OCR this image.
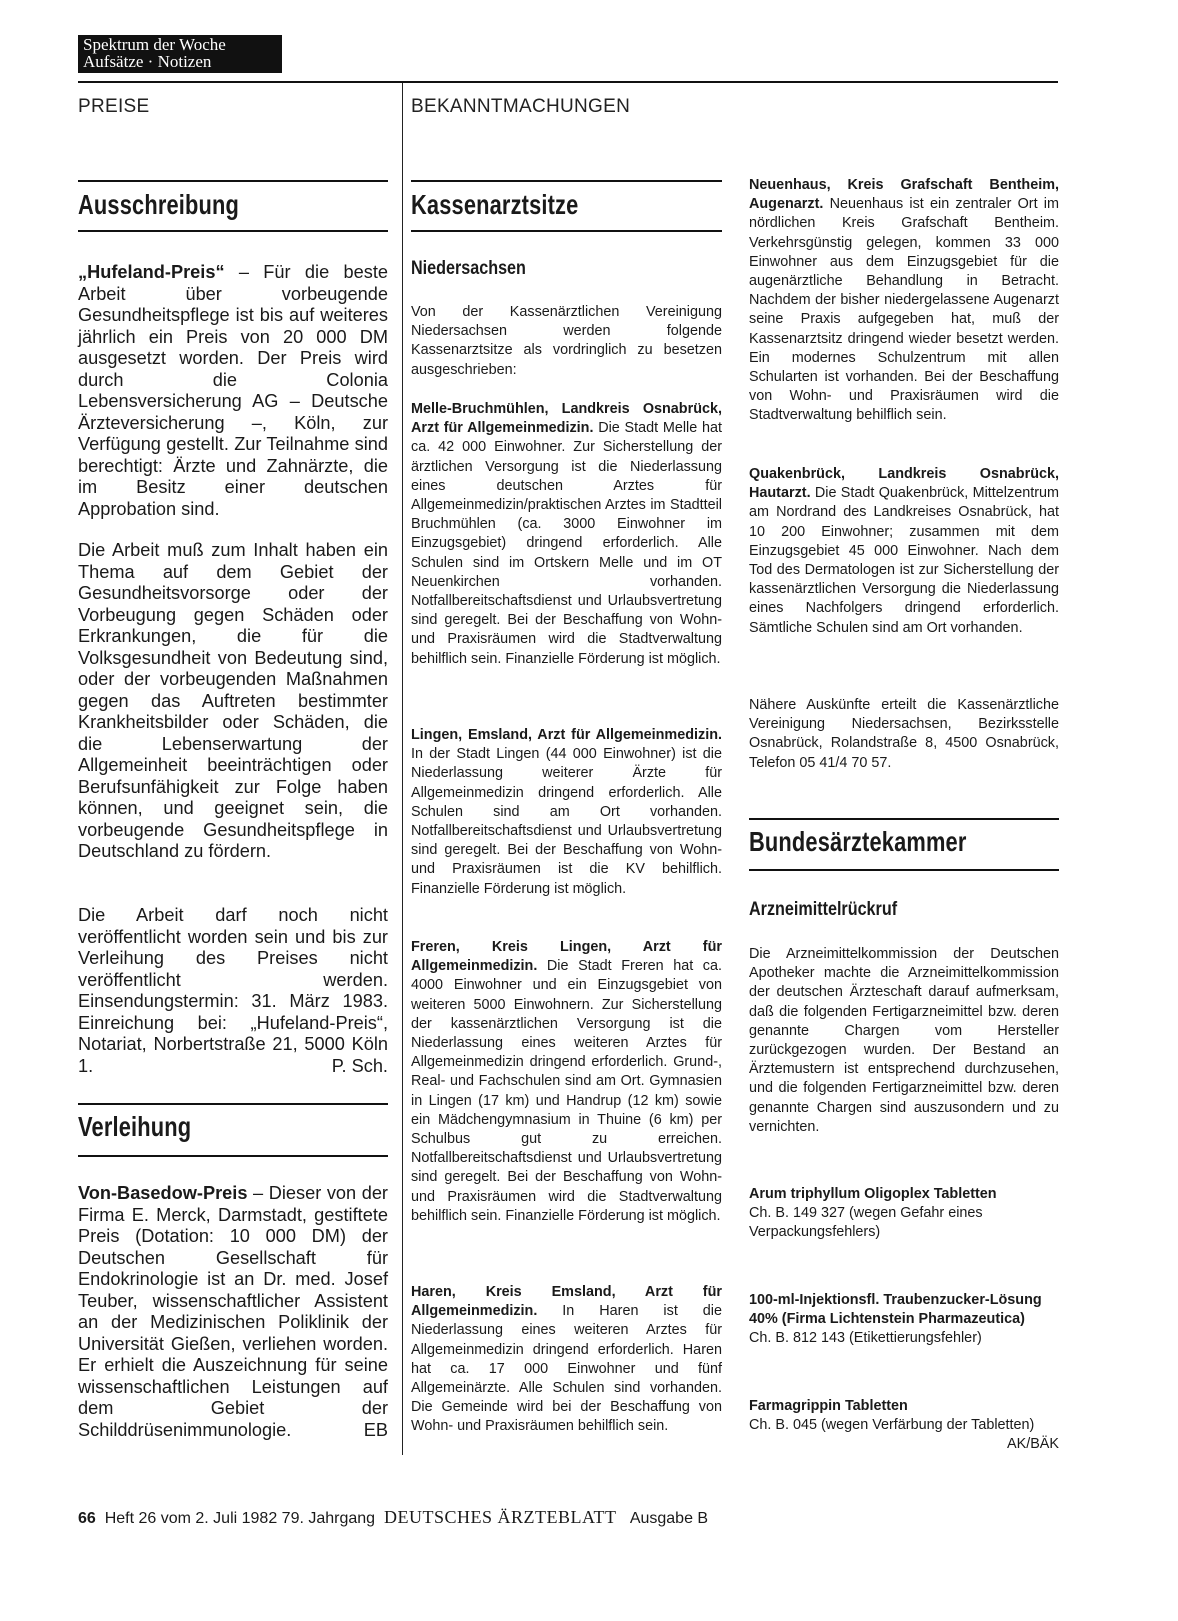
Spektrum der Woche
Aufsätze · Notizen
PREISE	BEKANNTMACHUNGEN
Ausschreibung

„Hufeland-Preis“ – Für die beste Arbeit über vorbeugende Gesundheitspflege ist bis auf weiteres jährlich ein Preis von 20 000 DM ausgesetzt worden. Der Preis wird durch die Colonia Lebensversicherung AG – Deutsche Ärzteversicherung –, Köln, zur Verfügung gestellt. Zur Teilnahme sind berechtigt: Ärzte und Zahnärzte, die im Besitz einer deutschen Approbation sind.

Die Arbeit muß zum Inhalt haben ein Thema auf dem Gebiet der Gesundheitsvorsorge oder der Vorbeugung gegen Schäden oder Erkrankungen, die für die Volksgesundheit von Bedeutung sind, oder der vorbeugenden Maßnahmen gegen das Auftreten bestimmter Krankheitsbilder oder Schäden, die die Lebenserwartung der Allgemeinheit beeinträchtigen oder Berufsunfähigkeit zur Folge haben können, und geeignet sein, die vorbeugende Gesundheitspflege in Deutschland zu fördern.

Die Arbeit darf noch nicht veröffentlicht worden sein und bis zur Verleihung des Preises nicht veröffentlicht werden. Einsendungstermin: 31. März 1983. Einreichung bei: „Hufeland-Preis“, Notariat, Norbertstraße 21, 5000 Köln 1.	P. Sch.

Verleihung

Von-Basedow-Preis – Dieser von der Firma E. Merck, Darmstadt, gestiftete Preis (Dotation: 10 000 DM) der Deutschen Gesellschaft für Endokrinologie ist an Dr. med. Josef Teuber, wissenschaftlicher Assistent an der Medizinischen Poliklinik der Universität Gießen, verliehen worden. Er erhielt die Auszeichnung für seine wissenschaftlichen Leistungen auf dem Gebiet der Schilddrüsenimmunologie.	EB

Kassenarztsitze
Niedersachsen

Von der Kassenärztlichen Vereinigung Niedersachsen werden folgende Kassenarztsitze als vordringlich zu besetzen ausgeschrieben:

Melle-Bruchmühlen, Landkreis Osnabrück, Arzt für Allgemeinmedizin. Die Stadt Melle hat ca. 42 000 Einwohner. Zur Sicherstellung der ärztlichen Versorgung ist die Niederlassung eines deutschen Arztes für Allgemeinmedizin/praktischen Arztes im Stadtteil Bruchmühlen (ca. 3000 Einwohner im Einzugsgebiet) dringend erforderlich. Alle Schulen sind im Ortskern Melle und im OT Neuenkirchen vorhanden. Notfallbereitschaftsdienst und Urlaubsvertretung sind geregelt. Bei der Beschaffung von Wohn- und Praxisräumen wird die Stadtverwaltung behilflich sein. Finanzielle Förderung ist möglich.

Lingen, Emsland, Arzt für Allgemeinmedizin. In der Stadt Lingen (44 000 Einwohner) ist die Niederlassung weiterer Ärzte für Allgemeinmedizin dringend erforderlich. Alle Schulen sind am Ort vorhanden. Notfallbereitschaftsdienst und Urlaubsvertretung sind geregelt. Bei der Beschaffung von Wohn- und Praxisräumen ist die KV behilflich. Finanzielle Förderung ist möglich.

Freren, Kreis Lingen, Arzt für Allgemeinmedizin. Die Stadt Freren hat ca. 4000 Einwohner und ein Einzugsgebiet von weiteren 5000 Einwohnern. Zur Sicherstellung der kassenärztlichen Versorgung ist die Niederlassung eines weiteren Arztes für Allgemeinmedizin dringend erforderlich. Grund-, Real- und Fachschulen sind am Ort. Gymnasien in Lingen (17 km) und Handrup (12 km) sowie ein Mädchengymnasium in Thuine (6 km) per Schulbus gut zu erreichen. Notfallbereitschaftsdienst und Urlaubsvertretung sind geregelt. Bei der Beschaffung von Wohn- und Praxisräumen wird die Stadtverwaltung behilflich sein. Finanzielle Förderung ist möglich.

Haren, Kreis Emsland, Arzt für Allgemeinmedizin. In Haren ist die Niederlassung eines weiteren Arztes für Allgemeinmedizin dringend erforderlich. Haren hat ca. 17 000 Einwohner und fünf Allgemeinärzte. Alle Schulen sind vorhanden. Die Gemeinde wird bei der Beschaffung von Wohn- und Praxisräumen behilflich sein.

Neuenhaus, Kreis Grafschaft Bentheim, Augenarzt. Neuenhaus ist ein zentraler Ort im nördlichen Kreis Grafschaft Bentheim. Verkehrsgünstig gelegen, kommen 33 000 Einwohner aus dem Einzugsgebiet für die augenärztliche Behandlung in Betracht. Nachdem der bisher niedergelassene Augenarzt seine Praxis aufgegeben hat, muß der Kassenarztsitz dringend wieder besetzt werden. Ein modernes Schulzentrum mit allen Schularten ist vorhanden. Bei der Beschaffung von Wohn- und Praxisräumen wird die Stadtverwaltung behilflich sein.

Quakenbrück, Landkreis Osnabrück, Hautarzt. Die Stadt Quakenbrück, Mittelzentrum am Nordrand des Landkreises Osnabrück, hat 10 200 Einwohner; zusammen mit dem Einzugsgebiet 45 000 Einwohner. Nach dem Tod des Dermatologen ist zur Sicherstellung der kassenärztlichen Versorgung die Niederlassung eines Nachfolgers dringend erforderlich. Sämtliche Schulen sind am Ort vorhanden.

Nähere Auskünfte erteilt die Kassenärztliche Vereinigung Niedersachsen, Bezirksstelle Osnabrück, Rolandstraße 8, 4500 Osnabrück, Telefon 05 41/4 70 57.

Bundesärztekammer
Arzneimittelrückruf

Die Arzneimittelkommission der Deutschen Apotheker machte die Arzneimittelkommission der deutschen Ärzteschaft darauf aufmerksam, daß die folgenden Fertigarzneimittel bzw. deren genannte Chargen vom Hersteller zurückgezogen wurden. Der Bestand an Ärztemustern ist entsprechend durchzusehen, und die folgenden Fertigarzneimittel bzw. deren genannte Chargen sind auszusondern und zu vernichten.

Arum triphyllum Oligoplex Tabletten
Ch. B. 149 327 (wegen Gefahr eines Verpackungsfehlers)

100-ml-Injektionsfl. Traubenzucker-Lösung 40% (Firma Lichtenstein Pharmazeutica)
Ch. B. 812 143 (Etikettierungsfehler)

Farmagrippin Tabletten
Ch. B. 045 (wegen Verfärbung der Tabletten)
AK/BÄK

66 Heft 26 vom 2. Juli 1982 79. Jahrgang DEUTSCHES ÄRZTEBLATT Ausgabe B
